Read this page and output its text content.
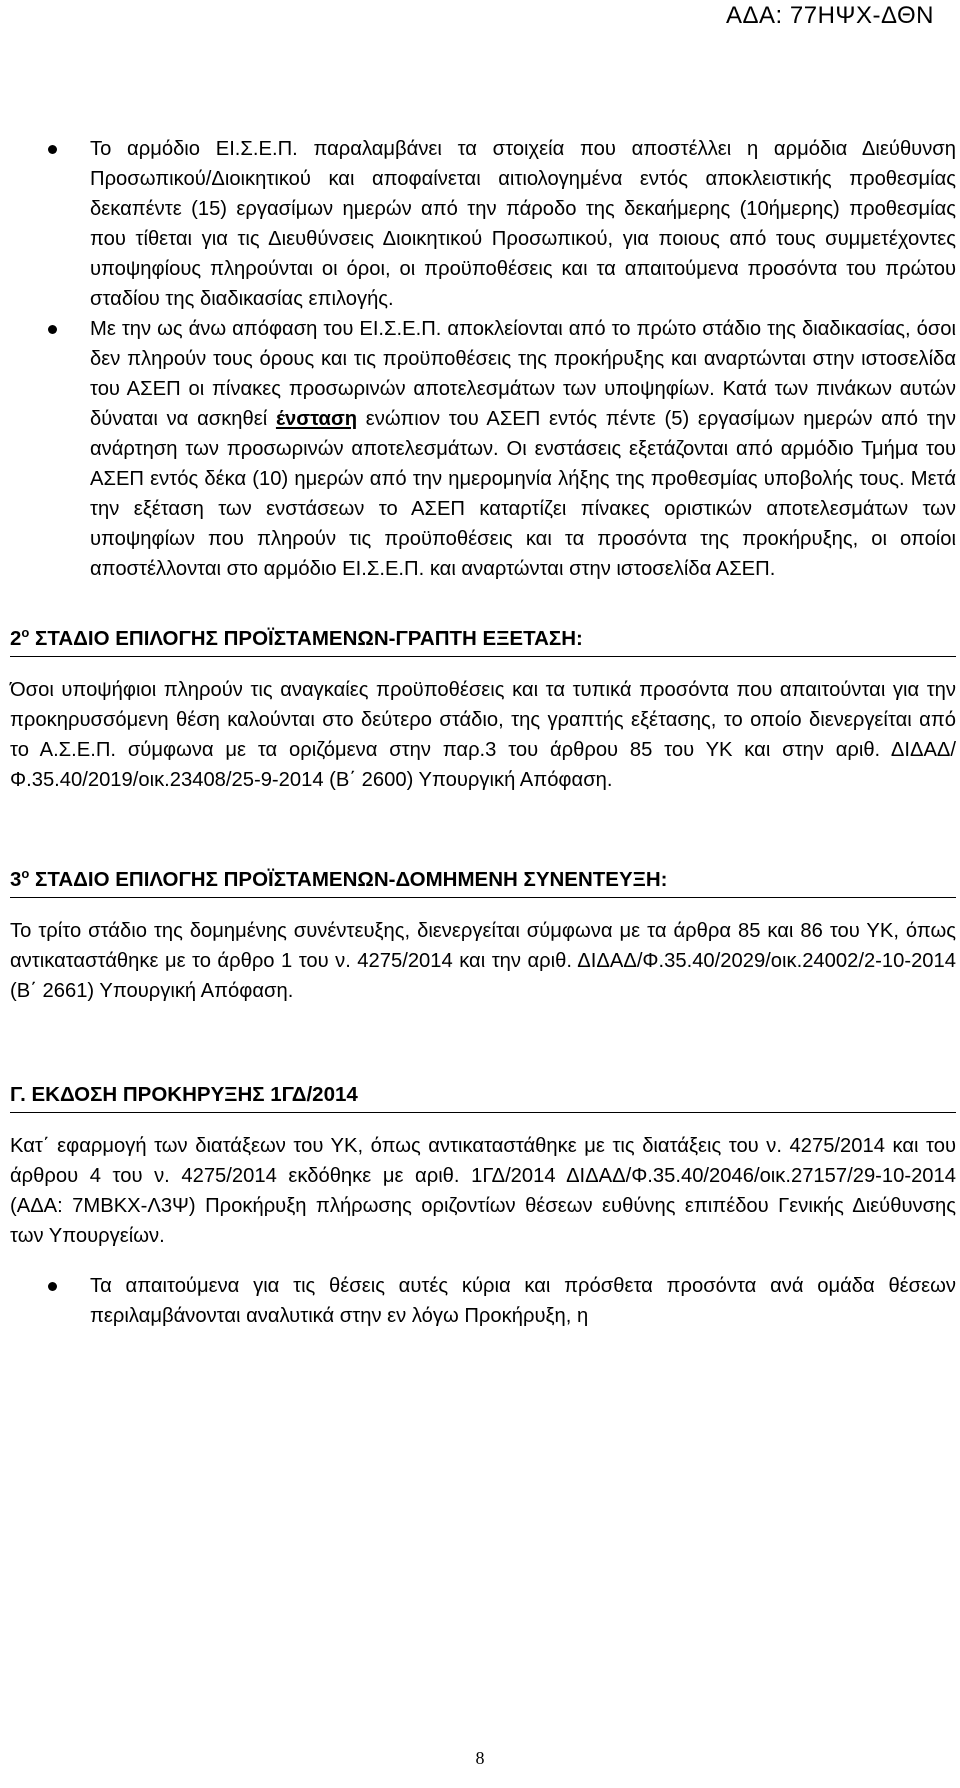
ΑΔΑ: 77ΗΨΧ-ΔΘΝ
Το αρμόδιο ΕΙ.Σ.Ε.Π. παραλαμβάνει τα στοιχεία που αποστέλλει η αρμόδια Διεύθυνση Προσωπικού/Διοικητικού και αποφαίνεται αιτιολογημένα εντός αποκλειστικής προθεσμίας δεκαπέντε (15) εργασίμων ημερών από την πάροδο της δεκαήμερης (10ήμερης) προθεσμίας που τίθεται για τις Διευθύνσεις Διοικητικού Προσωπικού, για ποιους από τους συμμετέχοντες υποψηφίους πληρούνται οι όροι, οι προϋποθέσεις και τα απαιτούμενα προσόντα του πρώτου σταδίου της διαδικασίας επιλογής.
Με την ως άνω απόφαση του ΕΙ.Σ.Ε.Π. αποκλείονται από το πρώτο στάδιο της διαδικασίας, όσοι δεν πληρούν τους όρους και τις προϋποθέσεις της προκήρυξης και αναρτώνται στην ιστοσελίδα του ΑΣΕΠ οι πίνακες προσωρινών αποτελεσμάτων των υποψηφίων. Κατά των πινάκων αυτών δύναται να ασκηθεί ένσταση ενώπιον του ΑΣΕΠ εντός πέντε (5) εργασίμων ημερών από την ανάρτηση των προσωρινών αποτελεσμάτων. Οι ενστάσεις εξετάζονται από αρμόδιο Τμήμα του ΑΣΕΠ εντός δέκα (10) ημερών από την ημερομηνία λήξης της προθεσμίας υποβολής τους. Μετά την εξέταση των ενστάσεων το ΑΣΕΠ καταρτίζει πίνακες οριστικών αποτελεσμάτων των υποψηφίων που πληρούν τις προϋποθέσεις και τα προσόντα της προκήρυξης, οι οποίοι αποστέλλονται στο αρμόδιο ΕΙ.Σ.Ε.Π. και αναρτώνται στην ιστοσελίδα ΑΣΕΠ.
$2^o$ ΣΤΑΔΙΟ ΕΠΙΛΟΓΗΣ ΠΡΟΪΣΤΑΜΕΝΩΝ-ΓΡΑΠΤΗ ΕΞΕΤΑΣΗ:

Όσοι υποψήφιοι πληρούν τις αναγκαίες προϋποθέσεις και τα τυπικά προσόντα που απαιτούνται για την προκηρυσσόμενη θέση καλούνται στο δεύτερο στάδιο, της γραπτής εξέτασης, το οποίο διενεργείται από το Α.Σ.Ε.Π. σύμφωνα με τα οριζόμενα στην παρ.3 του άρθρου 85 του ΥΚ και στην αριθ. ΔΙΔΑΔ/Φ.35.40/2019/οικ.23408/25-9-2014 (Β΄ 2600) Υπουργική Απόφαση.

$3^o$ ΣΤΑΔΙΟ ΕΠΙΛΟΓΗΣ ΠΡΟΪΣΤΑΜΕΝΩΝ-ΔΟΜΗΜΕΝΗ ΣΥΝΕΝΤΕΥΞΗ:

Το τρίτο στάδιο της δομημένης συνέντευξης, διενεργείται σύμφωνα με τα άρθρα 85 και 86 του ΥΚ, όπως αντικαταστάθηκε με το άρθρο 1 του ν. 4275/2014 και την αριθ. ΔΙΔΑΔ/Φ.35.40/2029/οικ.24002/2-10-2014 (Β΄ 2661) Υπουργική Απόφαση.

Γ. ΕΚΔΟΣΗ ΠΡΟΚΗΡΥΞΗΣ 1ΓΔ/2014

Κατ΄ εφαρμογή των διατάξεων του ΥΚ, όπως αντικαταστάθηκε με τις διατάξεις του ν. 4275/2014 και του άρθρου 4 του ν. 4275/2014 εκδόθηκε με αριθ. 1ΓΔ/2014 ΔΙΔΑΔ/Φ.35.40/2046/οικ.27157/29-10-2014 (ΑΔΑ: 7ΜΒΚΧ-Λ3Ψ) Προκήρυξη πλήρωσης οριζοντίων θέσεων ευθύνης επιπέδου Γενικής Διεύθυνσης των Υπουργείων.

Τα απαιτούμενα για τις θέσεις αυτές κύρια και πρόσθετα προσόντα ανά ομάδα θέσεων περιλαμβάνονται αναλυτικά στην εν λόγω Προκήρυξη, η
8
